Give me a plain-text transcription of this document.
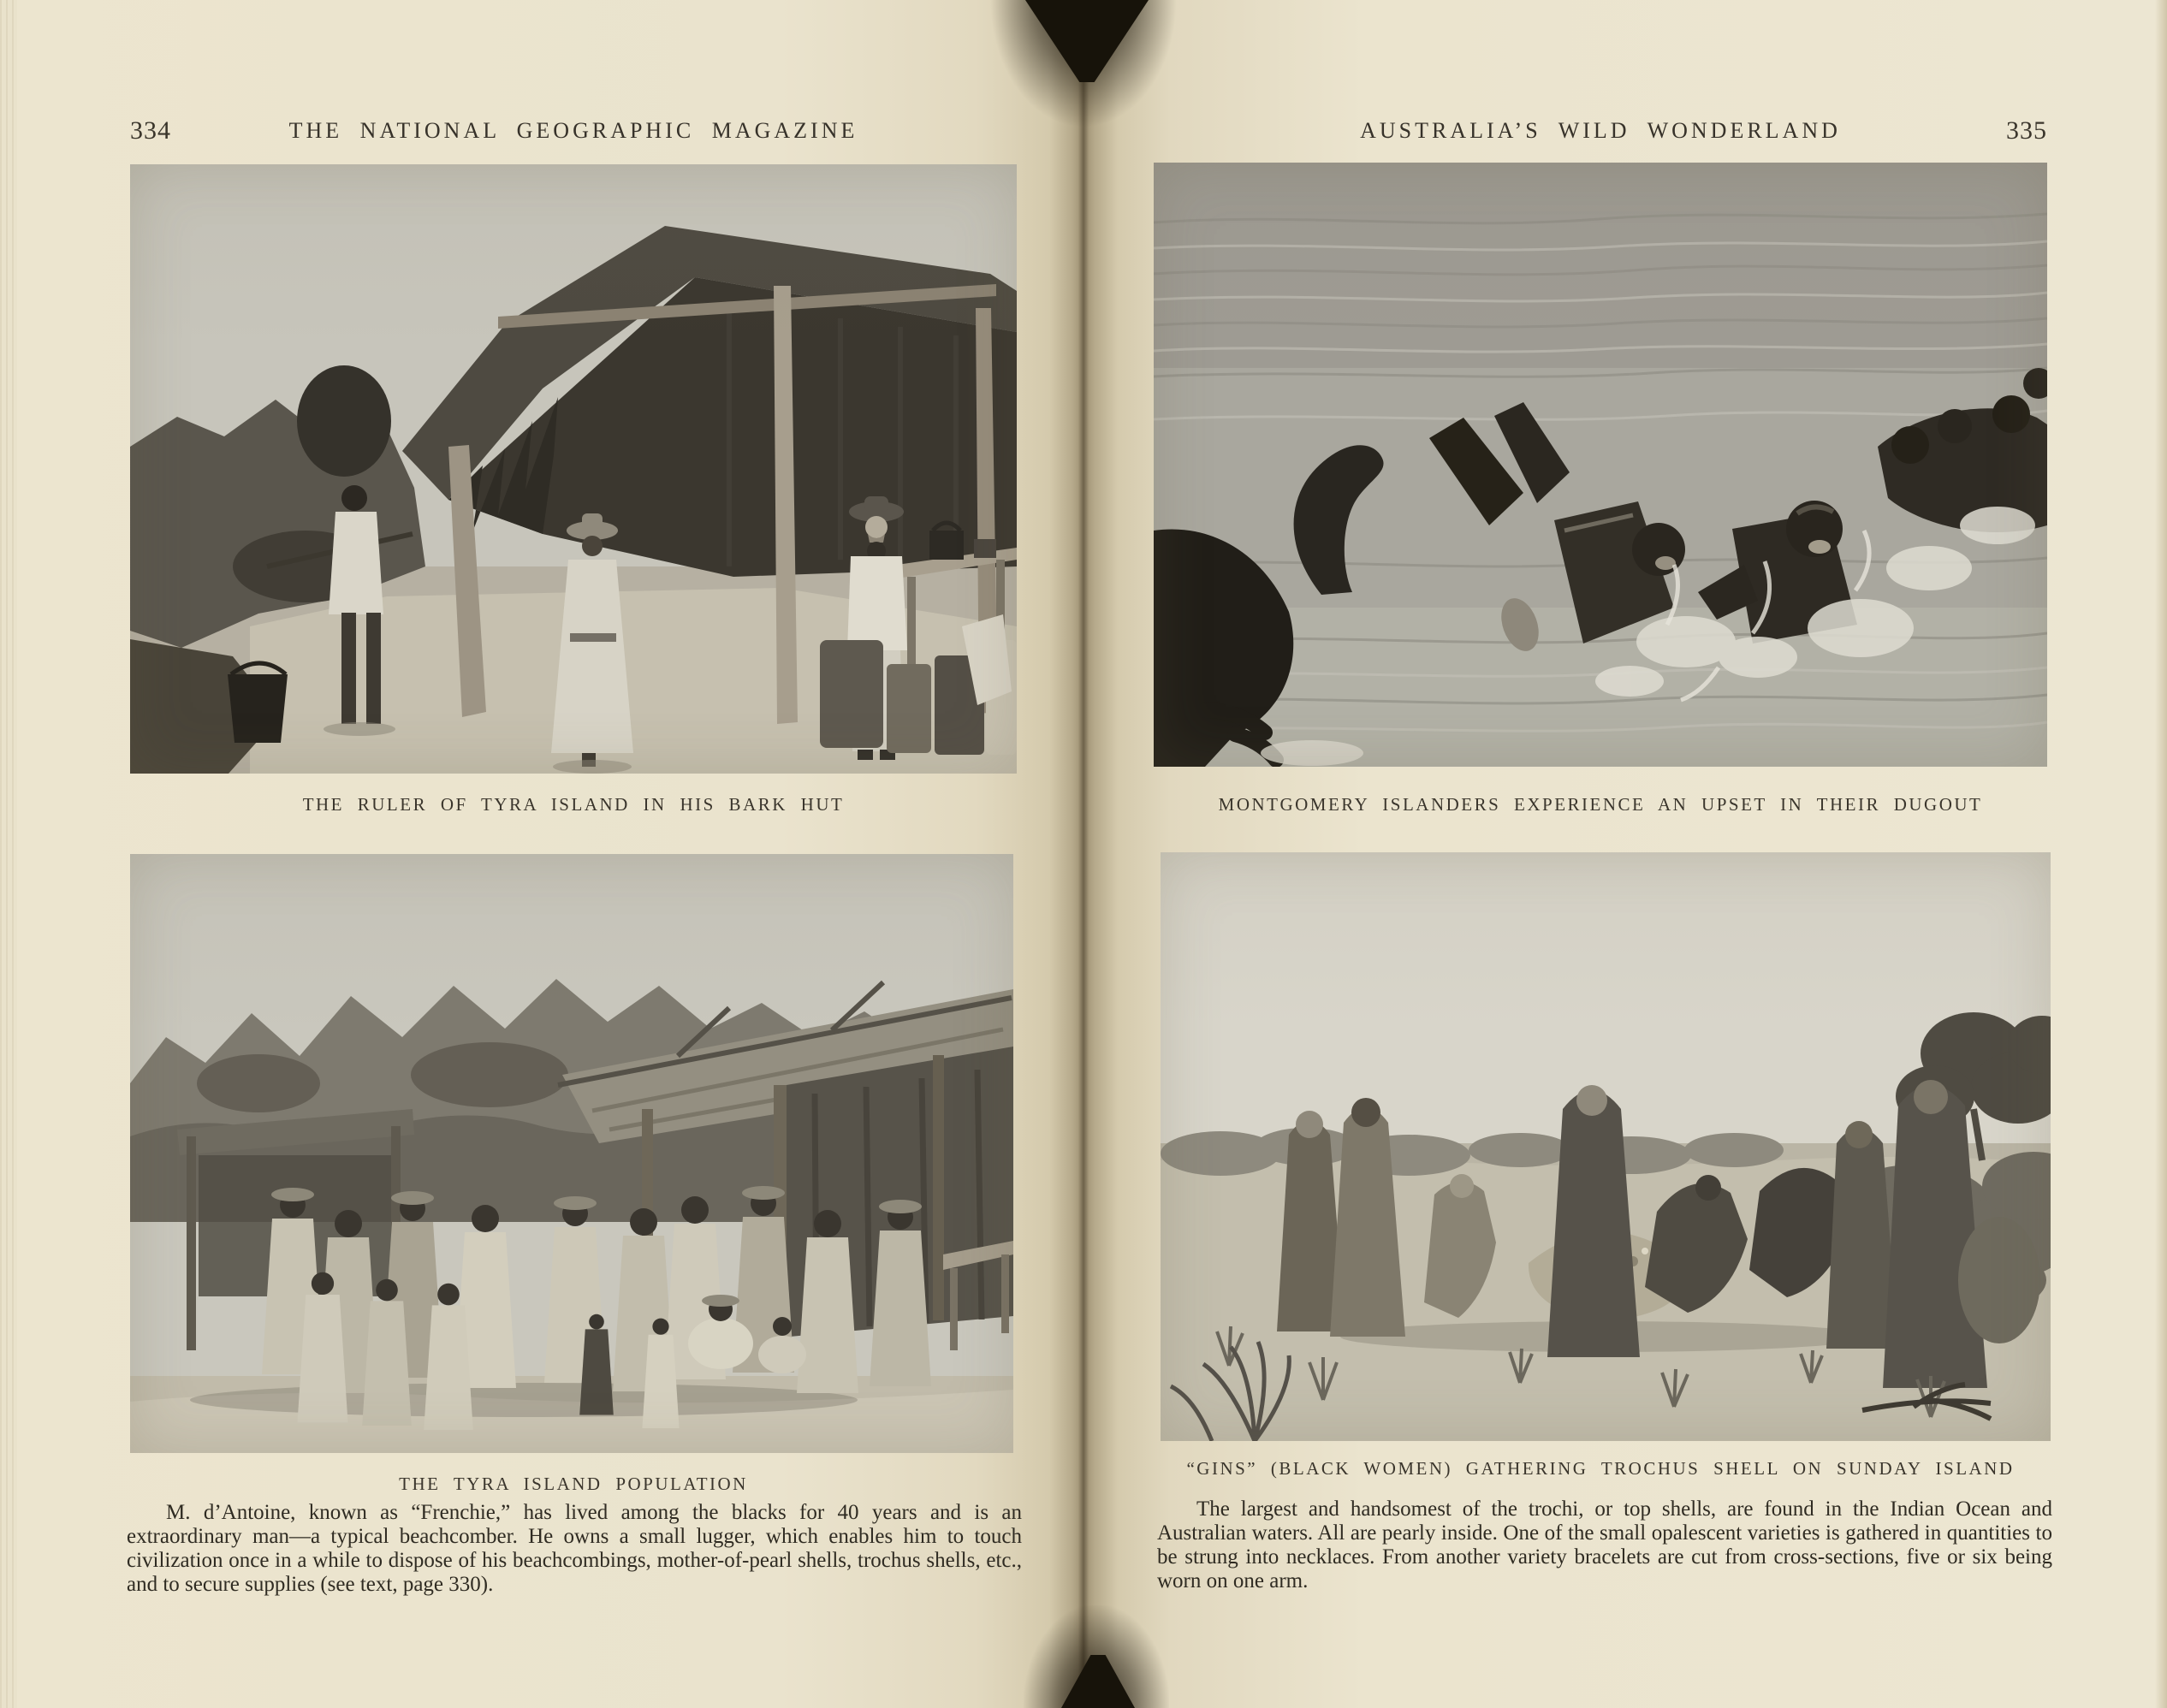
334	THE NATIONAL GEOGRAPHIC MAGAZINE
THE RULER OF TYRA ISLAND IN HIS BARK HUT
THE TYRA ISLAND POPULATION

M. d’Antoine, known as “Frenchie,” has lived among the blacks for 40 years and is an extraordinary man—a typical beachcomber. He owns a small lugger, which enables him to touch civilization once in a while to dispose of his beachcombings, mother-of-pearl shells, trochus shells, etc., and to secure supplies (see text, page 330).

AUSTRALIA’S WILD WONDERLAND	335
MONTGOMERY ISLANDERS EXPERIENCE AN UPSET IN THEIR DUGOUT
“GINS” (BLACK WOMEN) GATHERING TROCHUS SHELL ON SUNDAY ISLAND

The largest and handsomest of the trochi, or top shells, are found in the Indian Ocean and Australian waters. All are pearly inside. One of the small opalescent varieties is gathered in quantities to be strung into necklaces. From another variety bracelets are cut from cross-sections, five or six being worn on one arm.
